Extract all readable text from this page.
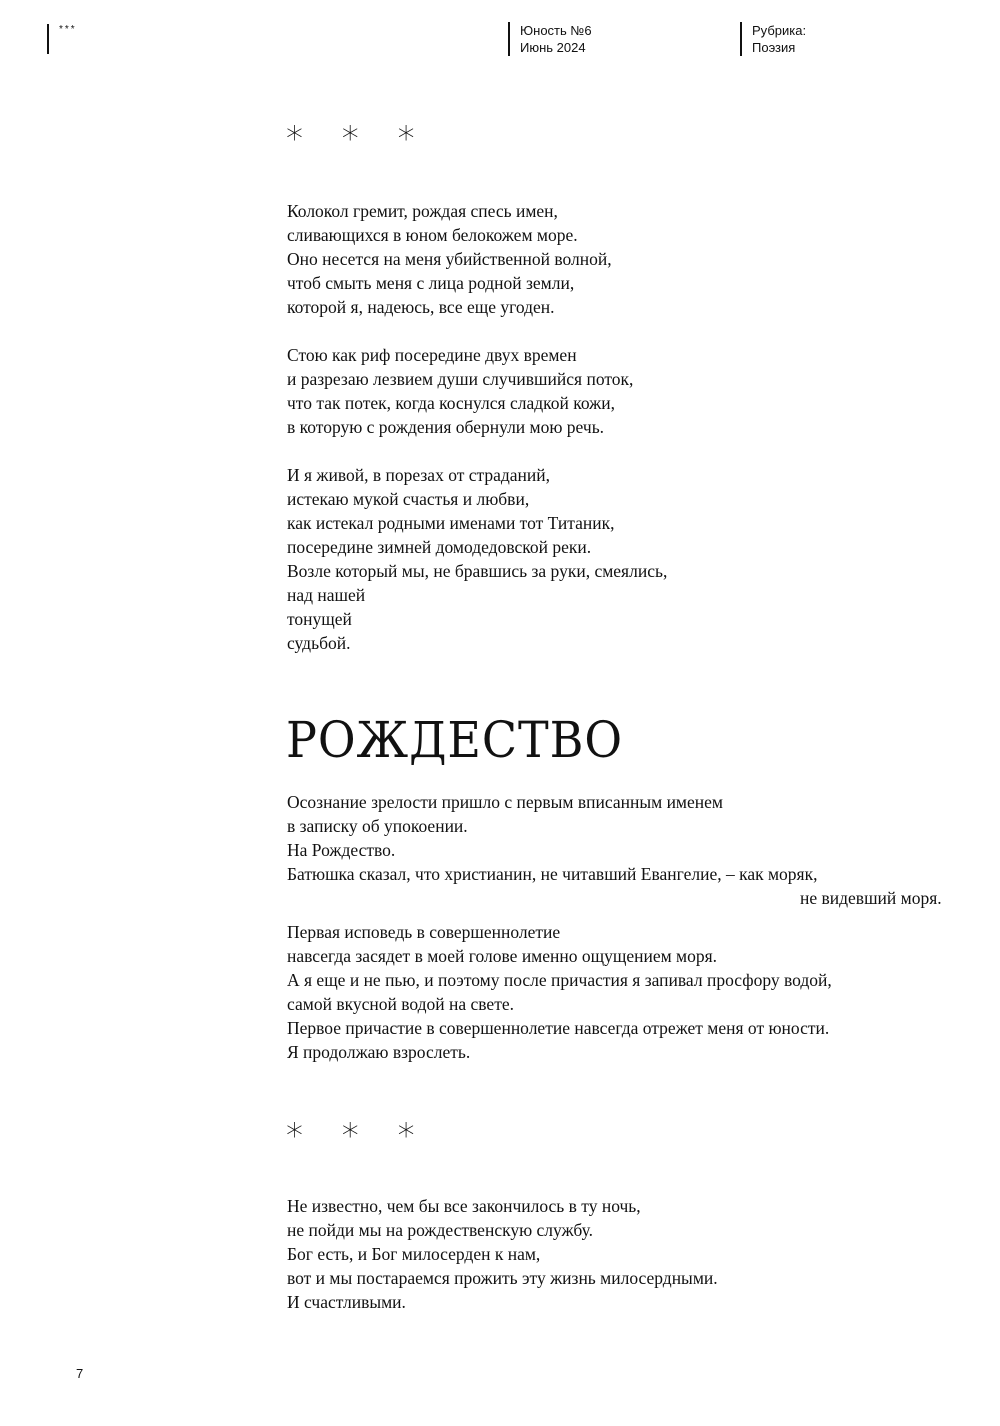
***	Юность №6
Июнь 2024
Рубрика:
Поэзия
* * *
Колокол гремит, рождая спесь имен,
сливающихся в юном белокожем море.
Оно несется на меня убийственной волной,
чтоб смыть меня с лица родной земли,
которой я, надеюсь, все еще угоден.
Стою как риф посередине двух времен
и разрезаю лезвием души случившийся поток,
что так потек, когда коснулся сладкой кожи,
в которую с рождения обернули мою речь.
И я живой, в порезах от страданий,
истекаю мукой счастья и любви,
как истекал родными именами тот Титаник,
посередине зимней домодедовской реки.
Возле который мы, не бравшись за руки, смеялись,
над нашей
тонущей
судьбой.
РОЖДЕСТВО
Осознание зрелости пришло с первым вписанным именем
в записку об упокоении.
На Рождество.
Батюшка сказал, что христианин, не читавший Евангелие, – как моряк,
не видевший моря.
Первая исповедь в совершеннолетие
навсегда засядет в моей голове именно ощущением моря.
А я еще и не пью, и поэтому после причастия я запивал просфору водой,
самой вкусной водой на свете.
Первое причастие в совершеннолетие навсегда отрежет меня от юности.
Я продолжаю взрослеть.
* * *
Не известно, чем бы все закончилось в ту ночь,
не пойди мы на рождественскую службу.
Бог есть, и Бог милосерден к нам,
вот и мы постараемся прожить эту жизнь милосердными.
И счастливыми.
7
